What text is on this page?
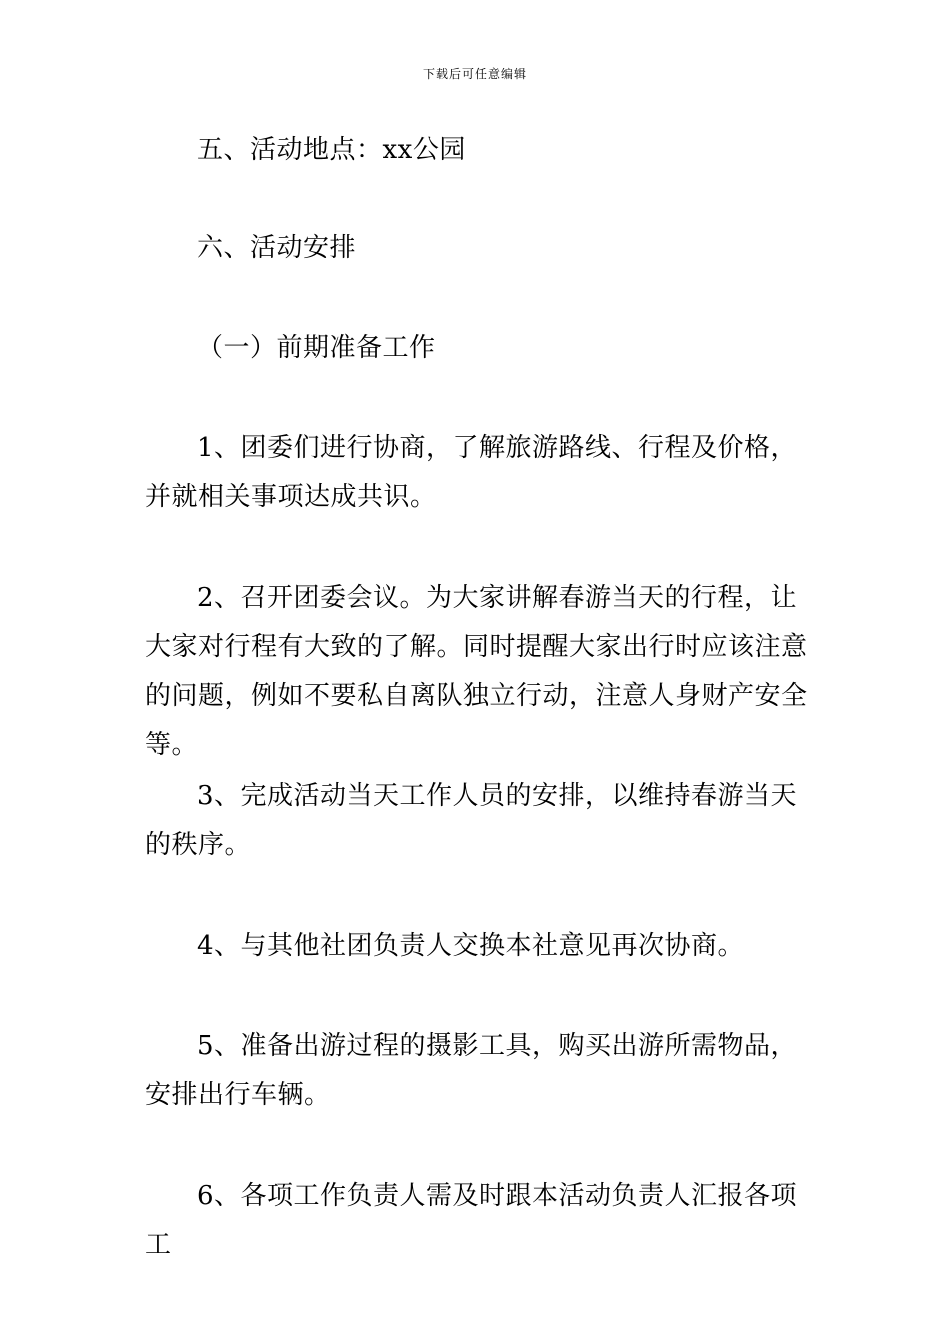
下载后可任意编辑

五、活动地点：xx公园

六、活动安排

（一）前期准备工作

1、团委们进行协商，了解旅游路线、行程及价格，并就相关事项达成共识。

2、召开团委会议。为大家讲解春游当天的行程，让大家对行程有大致的了解。同时提醒大家出行时应该注意的问题，例如不要私自离队独立行动，注意人身财产安全等。

3、完成活动当天工作人员的安排，以维持春游当天的秩序。

4、与其他社团负责人交换本社意见再次协商。

5、准备出游过程的摄影工具，购买出游所需物品，安排出行车辆。

6、各项工作负责人需及时跟本活动负责人汇报各项工
